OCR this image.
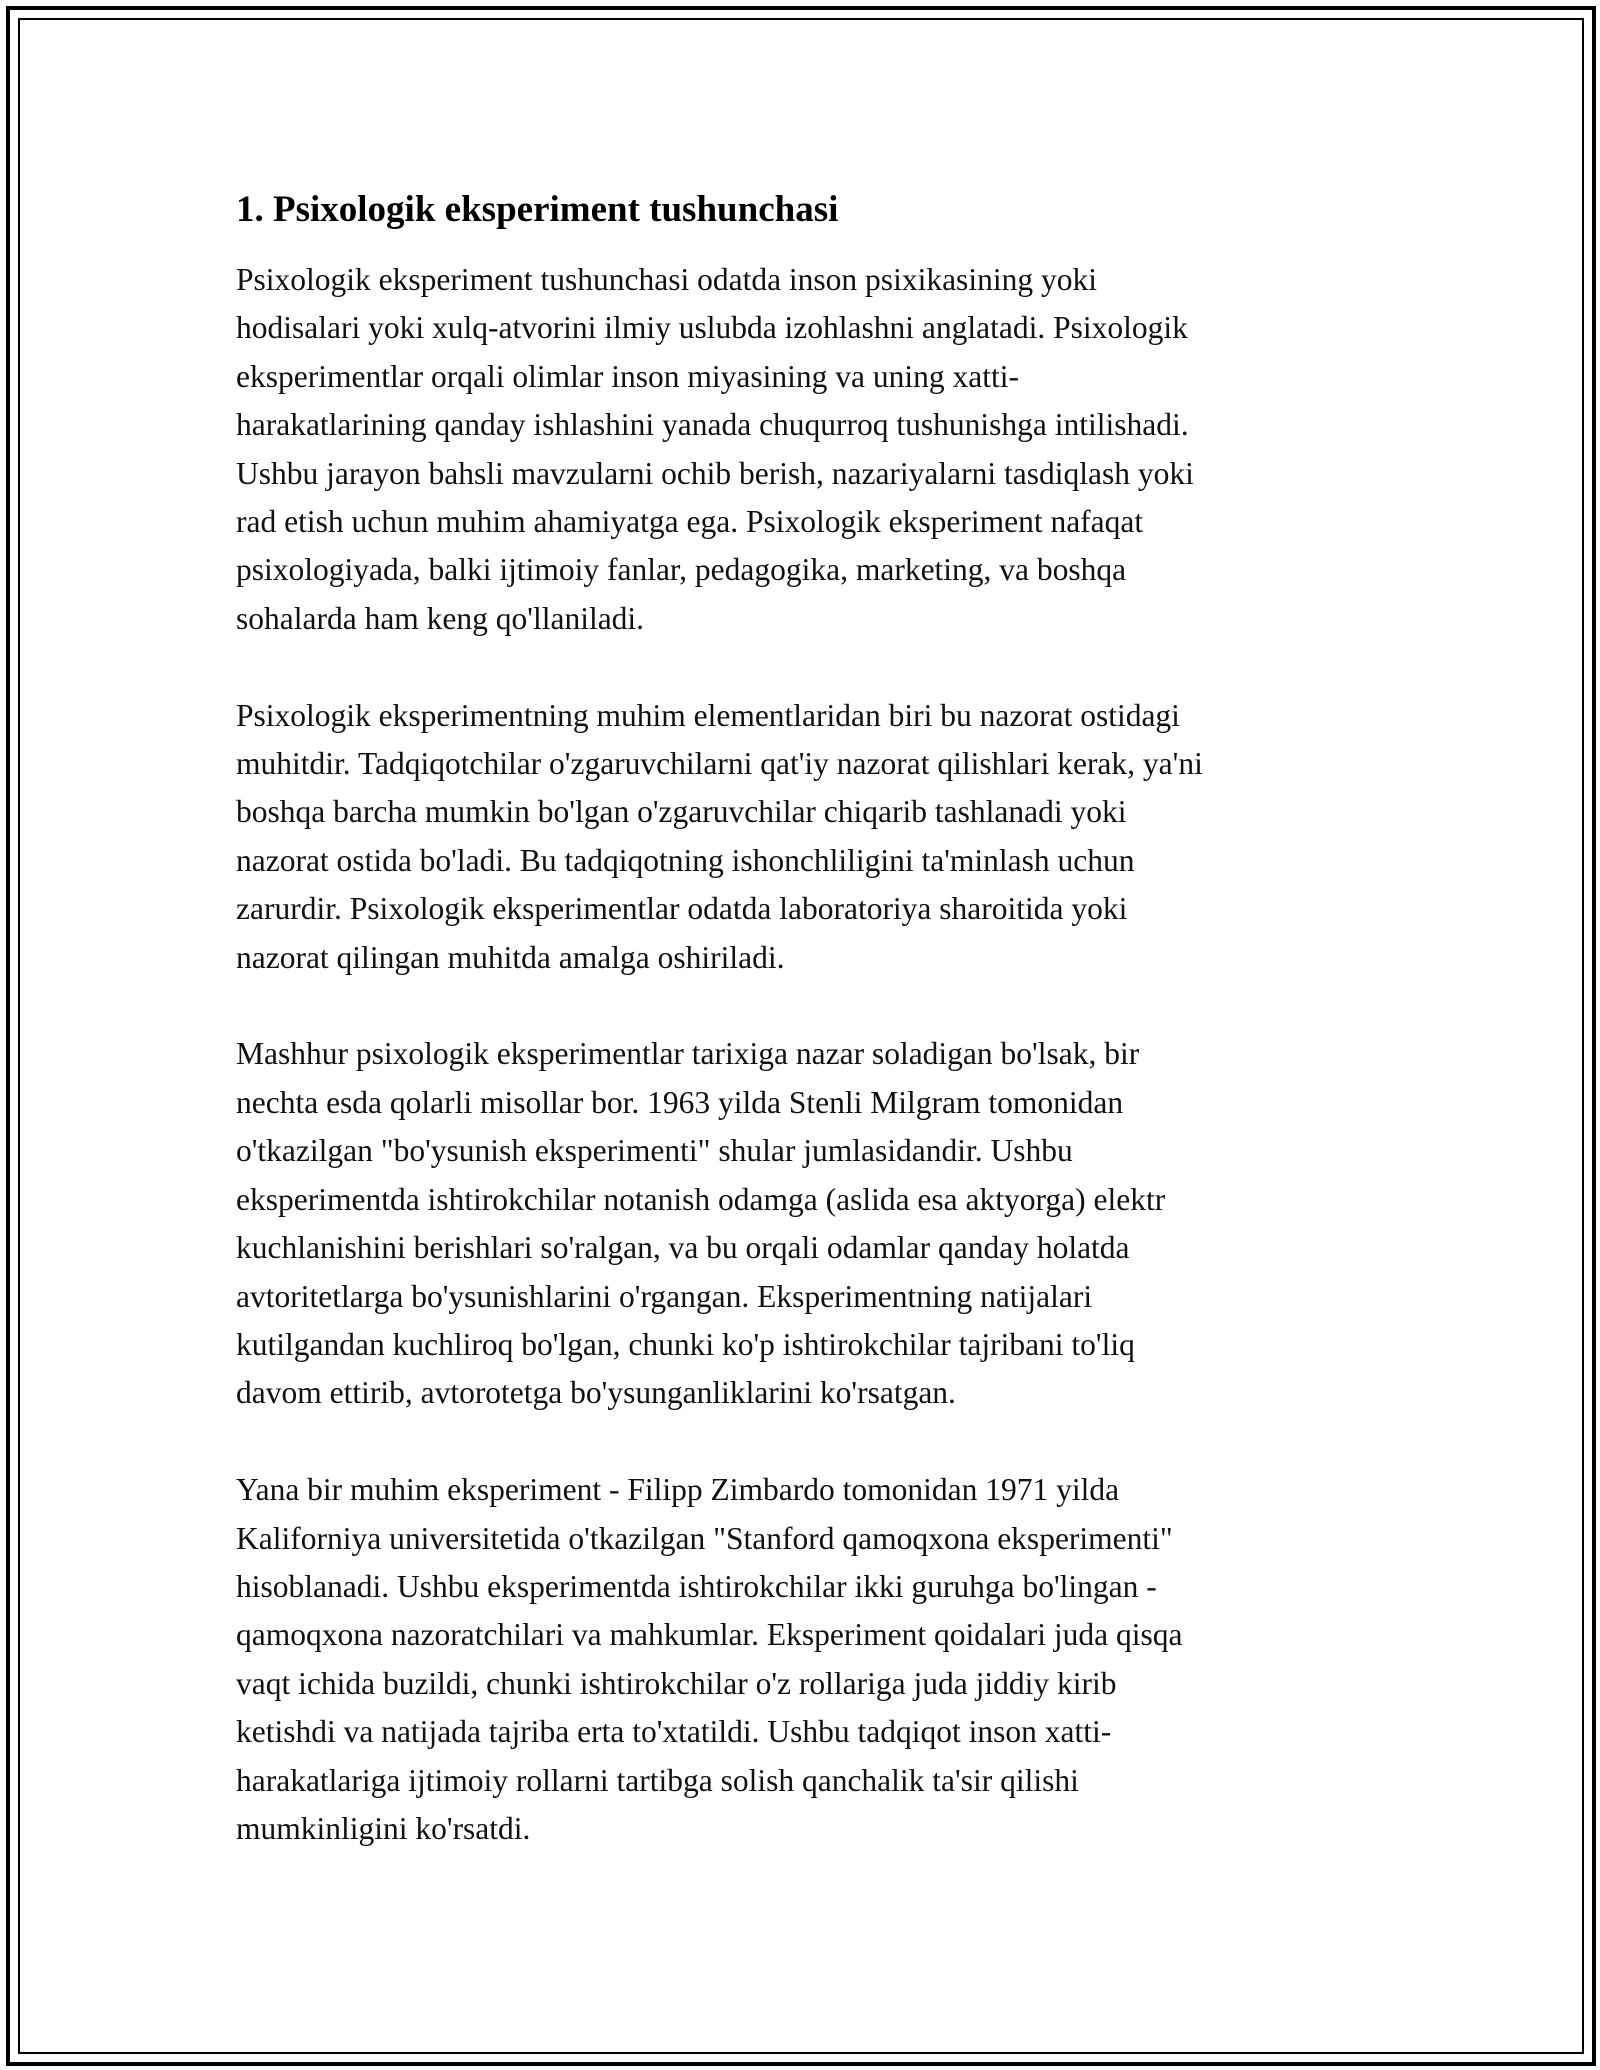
1. Psixologik eksperiment tushunchasi

Psixologik eksperiment tushunchasi odatda inson psixikasining yoki
hodisalari yoki xulq-atvorini ilmiy uslubda izohlashni anglatadi. Psixologik
eksperimentlar orqali olimlar inson miyasining va uning xatti-
harakatlarining qanday ishlashini yanada chuqurroq tushunishga intilishadi.
Ushbu jarayon bahsli mavzularni ochib berish, nazariyalarni tasdiqlash yoki
rad etish uchun muhim ahamiyatga ega. Psixologik eksperiment nafaqat
psixologiyada, balki ijtimoiy fanlar, pedagogika, marketing, va boshqa
sohalarda ham keng qo'llaniladi.

Psixologik eksperimentning muhim elementlaridan biri bu nazorat ostidagi
muhitdir. Tadqiqotchilar o'zgaruvchilarni qat'iy nazorat qilishlari kerak, ya'ni
boshqa barcha mumkin bo'lgan o'zgaruvchilar chiqarib tashlanadi yoki
nazorat ostida bo'ladi. Bu tadqiqotning ishonchliligini ta'minlash uchun
zarurdir. Psixologik eksperimentlar odatda laboratoriya sharoitida yoki
nazorat qilingan muhitda amalga oshiriladi.

Mashhur psixologik eksperimentlar tarixiga nazar soladigan bo'lsak, bir
nechta esda qolarli misollar bor. 1963 yilda Stenli Milgram tomonidan
o'tkazilgan "bo'ysunish eksperimenti" shular jumlasidandir. Ushbu
eksperimentda ishtirokchilar notanish odamga (aslida esa aktyorga) elektr
kuchlanishini berishlari so'ralgan, va bu orqali odamlar qanday holatda
avtoritetlarga bo'ysunishlarini o'rgangan. Eksperimentning natijalari
kutilgandan kuchliroq bo'lgan, chunki ko'p ishtirokchilar tajribani to'liq
davom ettirib, avtorotetga bo'ysunganliklarini ko'rsatgan.

Yana bir muhim eksperiment - Filipp Zimbardo tomonidan 1971 yilda
Kaliforniya universitetida o'tkazilgan "Stanford qamoqxona eksperimenti"
hisoblanadi. Ushbu eksperimentda ishtirokchilar ikki guruhga bo'lingan -
qamoqxona nazoratchilari va mahkumlar. Eksperiment qoidalari juda qisqa
vaqt ichida buzildi, chunki ishtirokchilar o'z rollariga juda jiddiy kirib
ketishdi va natijada tajriba erta to'xtatildi. Ushbu tadqiqot inson xatti-
harakatlariga ijtimoiy rollarni tartibga solish qanchalik ta'sir qilishi
mumkinligini ko'rsatdi.
